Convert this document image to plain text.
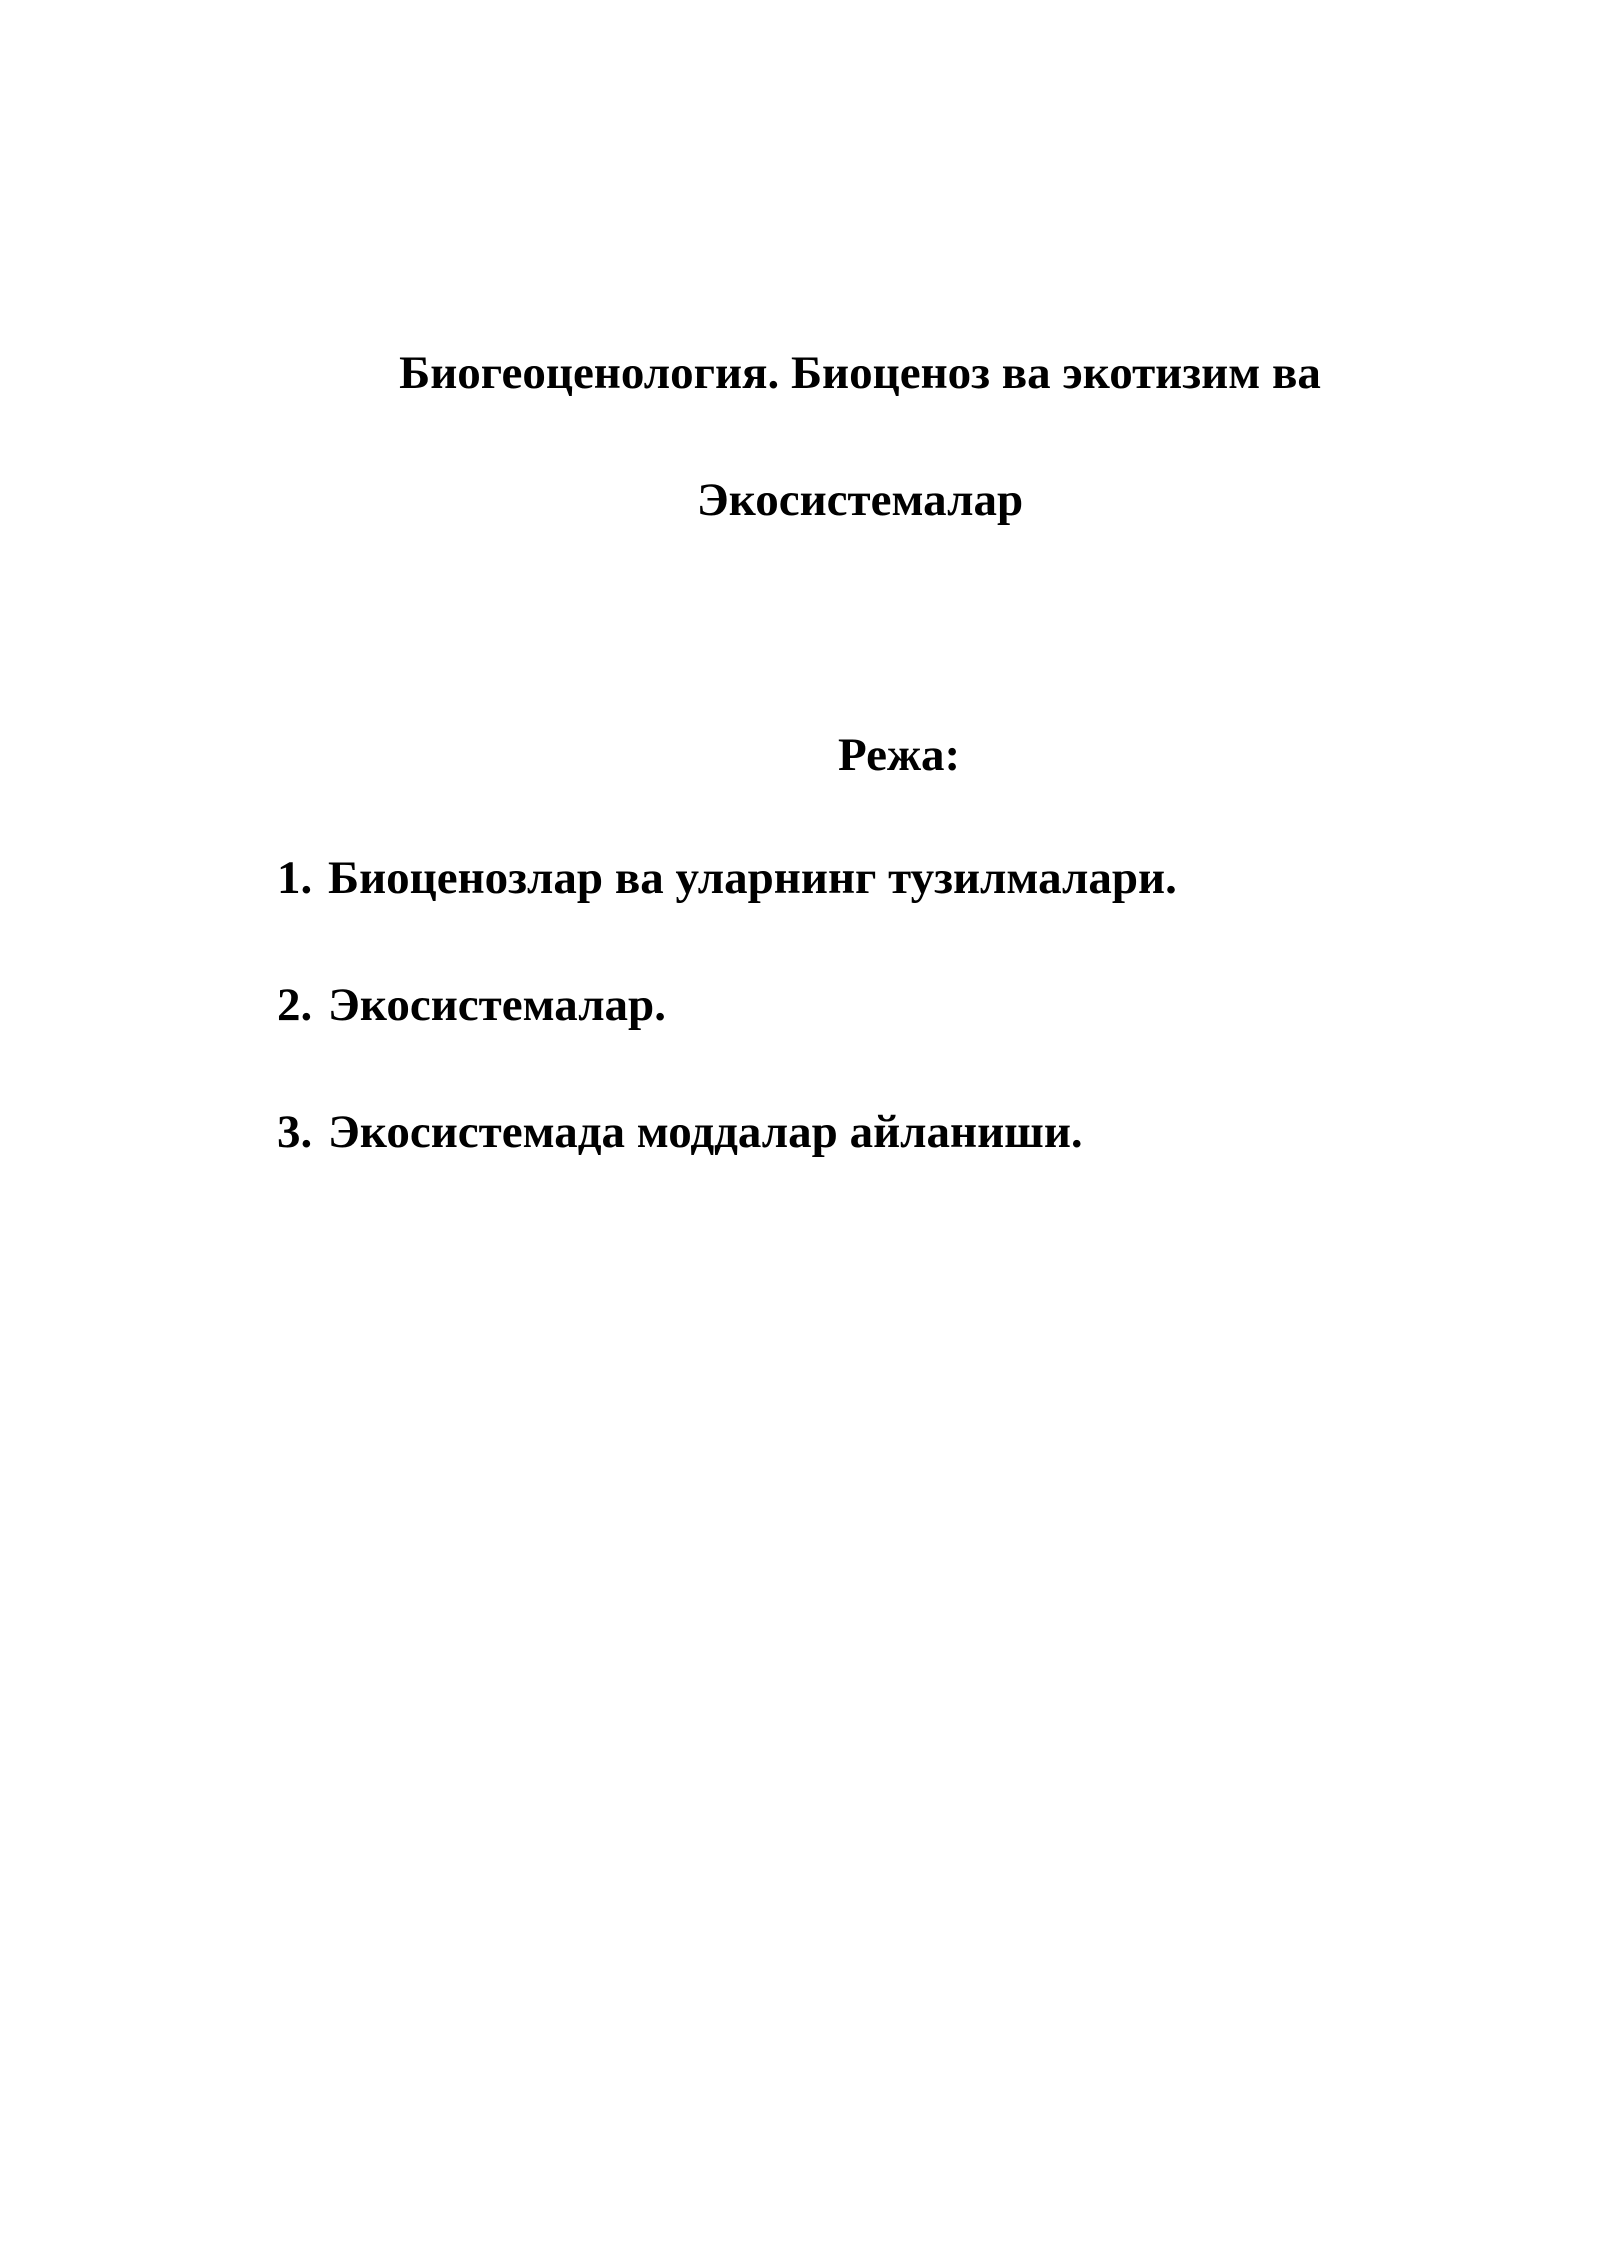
Биогеоценология. Биоценоз ва экотизим ва
Экосистемалар
Режа:
1. Биоценозлар ва уларнинг тузилмалари.
2. Экосистемалар.
3. Экосистемада моддалар айланиши.
